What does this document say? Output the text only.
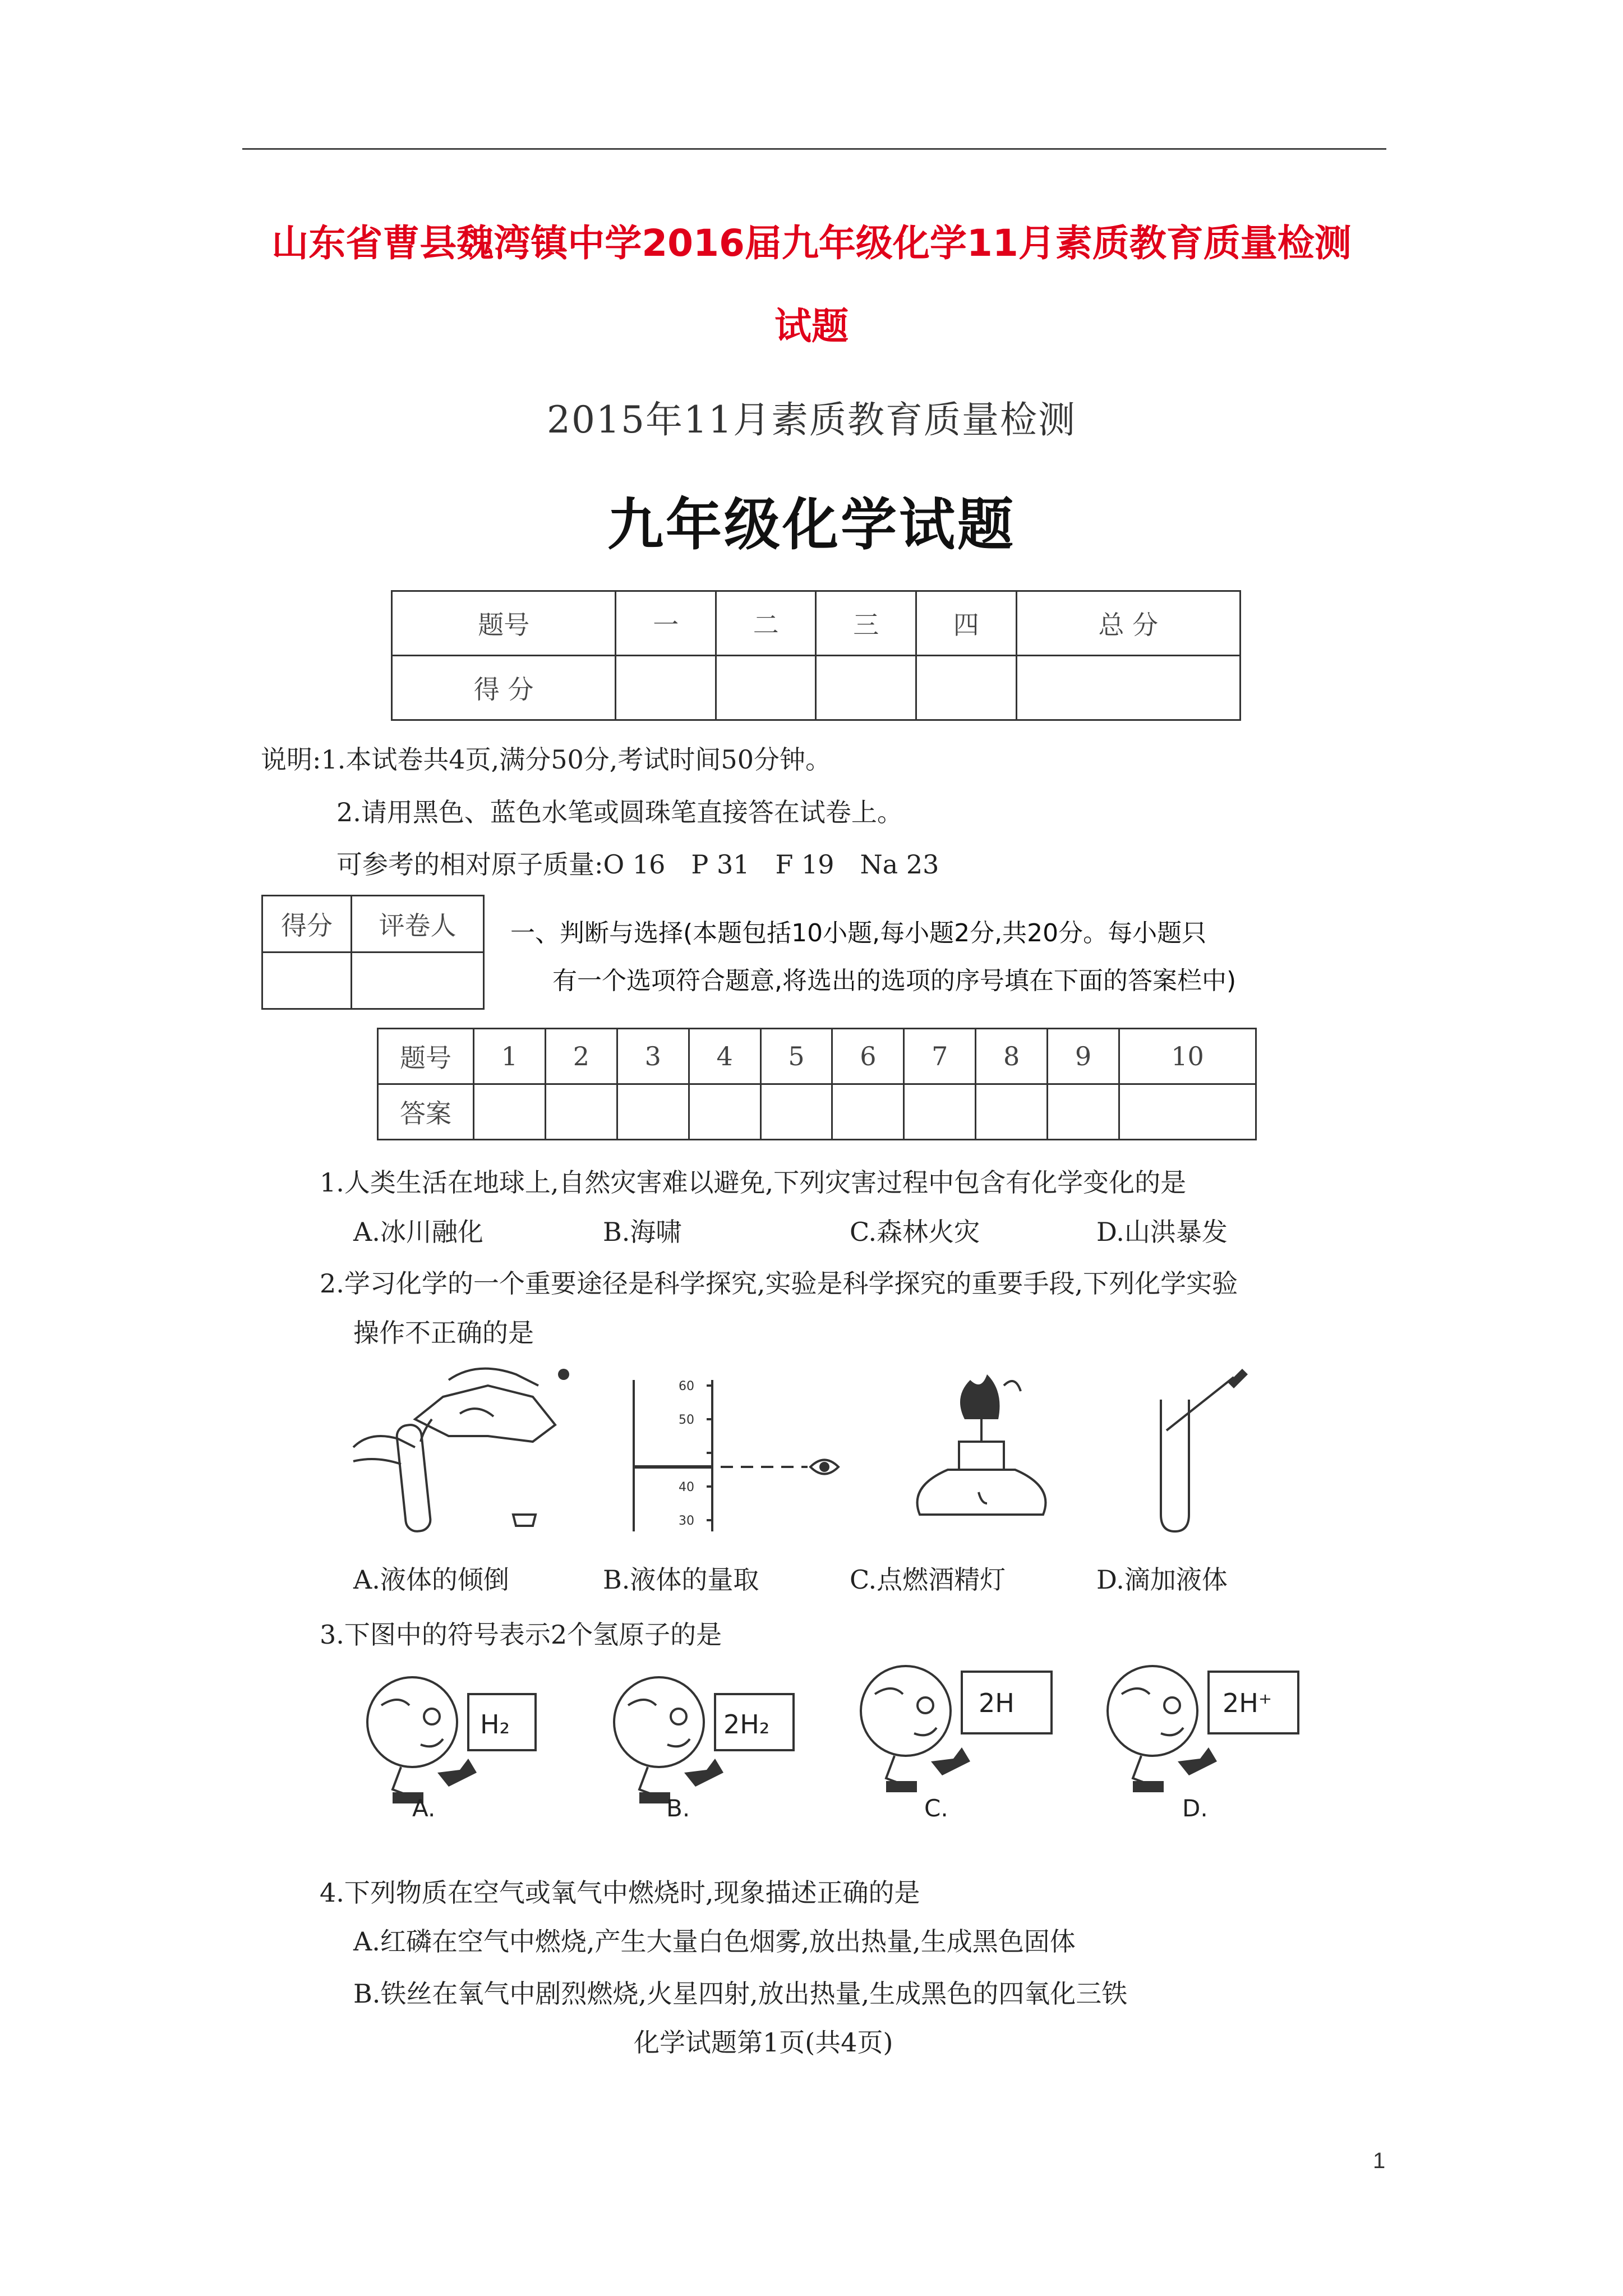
山东省曹县魏湾镇中学2016届九年级化学11月素质教育质量检测
试题
2015年11月素质教育质量检测
九年级化学试题
题号	一	二	三	四	总 分
得 分					
说明:1.本试卷共4页,满分50分,考试时间50分钟。
2.请用黑色、蓝色水笔或圆珠笔直接答在试卷上。
可参考的相对原子质量:O 16　P 31　F 19　Na 23
得分	评卷人
	一、判断与选择(本题包括10小题,每小题2分,共20分。每小题只
有一个选项符合题意,将选出的选项的序号填在下面的答案栏中)
题号	1	2	3	4	5	6	7	8	9	10
答案										
1.人类生活在地球上,自然灾害难以避免,下列灾害过程中包含有化学变化的是
A.冰川融化	B.海啸	C.森林火灾	D.山洪暴发
2.学习化学的一个重要途径是科学探究,实验是科学探究的重要手段,下列化学实验
操作不正确的是
60
50
40
30
A.液体的倾倒	B.液体的量取	C.点燃酒精灯	D.滴加液体
3.下图中的符号表示2个氢原子的是
H₂
A.
2H₂
B.
2H
C.
2H⁺
D.
4.下列物质在空气或氧气中燃烧时,现象描述正确的是
A.红磷在空气中燃烧,产生大量白色烟雾,放出热量,生成黑色固体
B.铁丝在氧气中剧烈燃烧,火星四射,放出热量,生成黑色的四氧化三铁
化学试题第1页(共4页)
1
